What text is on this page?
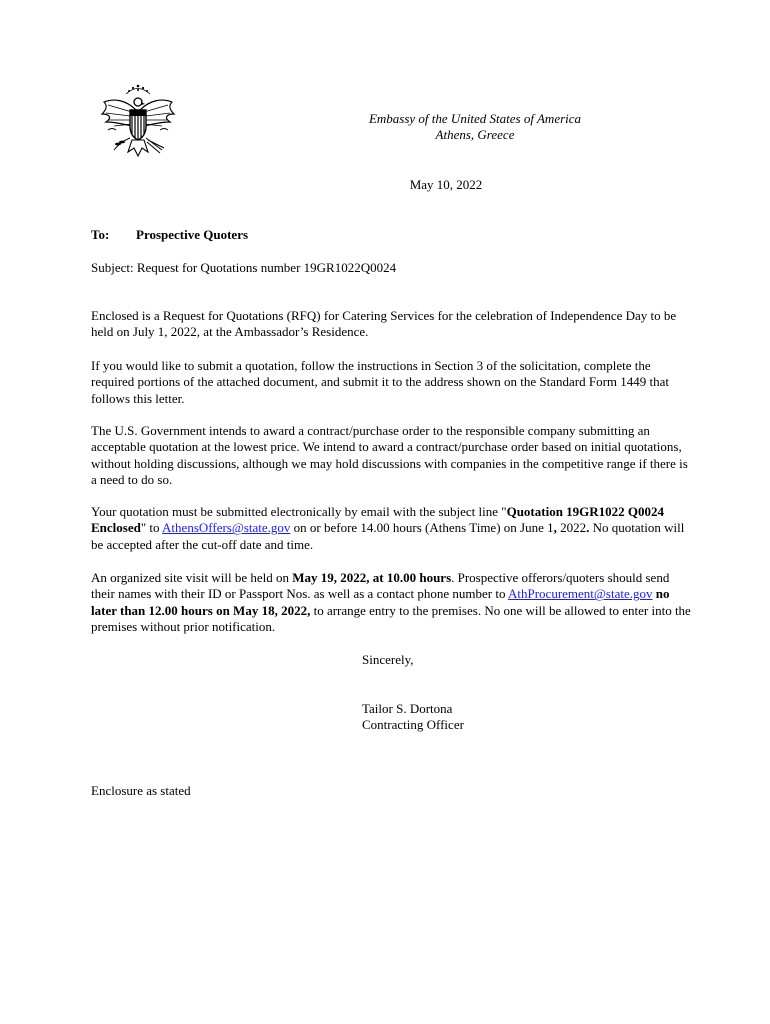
Embassy of the United States of America
Athens, Greece
May 10, 2022
To: Prospective Quoters
Subject: Request for Quotations number 19GR1022Q0024

Enclosed is a Request for Quotations (RFQ) for Catering Services for the celebration of Independence Day to be held on July 1, 2022, at the Ambassador’s Residence.

If you would like to submit a quotation, follow the instructions in Section 3 of the solicitation, complete the required portions of the attached document, and submit it to the address shown on the Standard Form 1449 that follows this letter.

The U.S. Government intends to award a contract/purchase order to the responsible company submitting an acceptable quotation at the lowest price. We intend to award a contract/purchase order based on initial quotations, without holding discussions, although we may hold discussions with companies in the competitive range if there is a need to do so.

Your quotation must be submitted electronically by email with the subject line "Quotation 19GR1022 Q0024 Enclosed" to AthensOffers@state.gov on or before 14.00 hours (Athens Time) on June 1, 2022. No quotation will be accepted after the cut-off date and time.

An organized site visit will be held on May 19, 2022, at 10.00 hours. Prospective offerors/quoters should send their names with their ID or Passport Nos. as well as a contact phone number to AthProcurement@state.gov no later than 12.00 hours on May 18, 2022, to arrange entry to the premises. No one will be allowed to enter into the premises without prior notification.

Sincerely,
Tailor S. Dortona
Contracting Officer
Enclosure as stated
